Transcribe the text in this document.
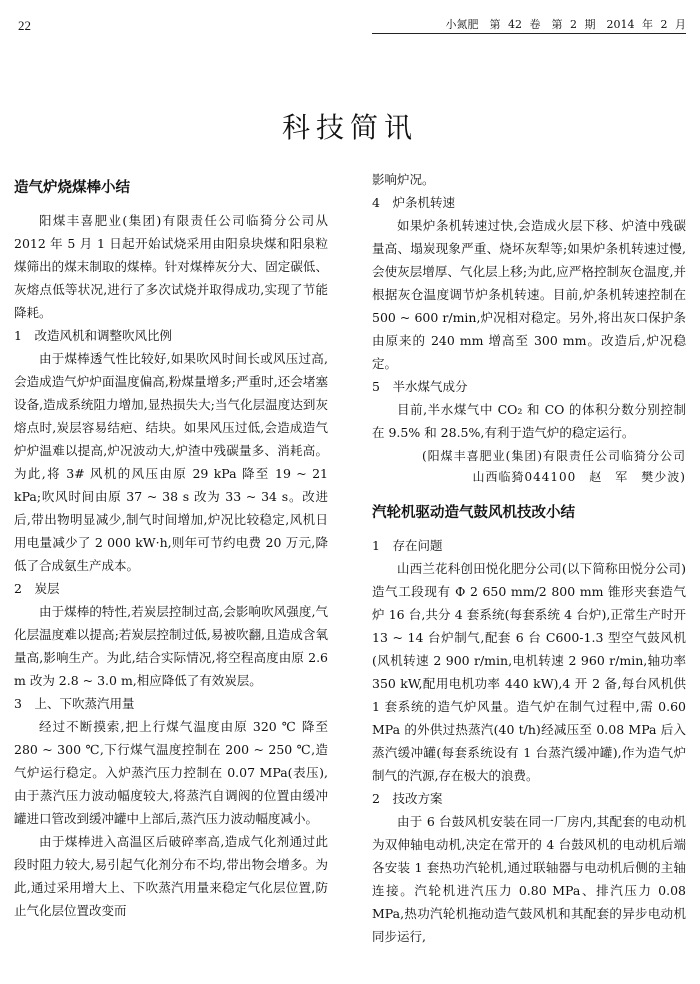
22	小氮肥　第 42 卷　第 2 期　2014 年 2 月
科技简讯
造气炉烧煤棒小结

阳煤丰喜肥业(集团)有限责任公司临猗分公司从 2012 年 5 月 1 日起开始试烧采用由阳泉块煤和阳泉粒煤筛出的煤末制取的煤棒。针对煤棒灰分大、固定碳低、灰熔点低等状况,进行了多次试烧并取得成功,实现了节能降耗。

1　改造风机和调整吹风比例

由于煤棒透气性比较好,如果吹风时间长或风压过高,会造成造气炉炉面温度偏高,粉煤量增多;严重时,还会堵塞设备,造成系统阻力增加,显热损失大;当气化层温度达到灰熔点时,炭层容易结疤、结块。如果风压过低,会造成造气炉炉温难以提高,炉况波动大,炉渣中残碳量多、消耗高。为此,将 3# 风机的风压由原 29 kPa 降至 19 ~ 21 kPa;吹风时间由原 37 ~ 38 s 改为 33 ~ 34 s。改进后,带出物明显减少,制气时间增加,炉况比较稳定,风机日用电量减少了 2 000 kW·h,则年可节约电费 20 万元,降低了合成氨生产成本。

2　炭层

由于煤棒的特性,若炭层控制过高,会影响吹风强度,气化层温度难以提高;若炭层控制过低,易被吹翻,且造成含氧量高,影响生产。为此,结合实际情况,将空程高度由原 2.6 m 改为 2.8 ~ 3.0 m,相应降低了有效炭层。

3　上、下吹蒸汽用量

经过不断摸索,把上行煤气温度由原 320 ℃ 降至 280 ~ 300 ℃,下行煤气温度控制在 200 ~ 250 ℃,造气炉运行稳定。入炉蒸汽压力控制在 0.07 MPa(表压),由于蒸汽压力波动幅度较大,将蒸汽自调阀的位置由缓冲罐进口管改到缓冲罐中上部后,蒸汽压力波动幅度减小。

由于煤棒进入高温区后破碎率高,造成气化剂通过此段时阻力较大,易引起气化剂分布不均,带出物会增多。为此,通过采用增大上、下吹蒸汽用量来稳定气化层位置,防止气化层位置改变而

影响炉况。

4　炉条机转速

如果炉条机转速过快,会造成火层下移、炉渣中残碳量高、塌炭现象严重、烧坏灰犁等;如果炉条机转速过慢,会使灰层增厚、气化层上移;为此,应严格控制灰仓温度,并根据灰仓温度调节炉条机转速。目前,炉条机转速控制在 500 ~ 600 r/min,炉况相对稳定。另外,将出灰口保护条由原来的 240 mm 增高至 300 mm。改造后,炉况稳定。

5　半水煤气成分

目前,半水煤气中 CO₂ 和 CO 的体积分数分别控制在 9.5% 和 28.5%,有利于造气炉的稳定运行。

(阳煤丰喜肥业(集团)有限责任公司临猗分公司
山西临猗044100　赵　军　樊少波)
汽轮机驱动造气鼓风机技改小结

1　存在问题

山西兰花科创田悦化肥分公司(以下简称田悦分公司)造气工段现有 Φ 2 650 mm/2 800 mm 锥形夹套造气炉 16 台,共分 4 套系统(每套系统 4 台炉),正常生产时开 13 ~ 14 台炉制气,配套 6 台 C600-1.3 型空气鼓风机(风机转速 2 900 r/min,电机转速 2 960 r/min,轴功率 350 kW,配用电机功率 440 kW),4 开 2 备,每台风机供 1 套系统的造气炉风量。造气炉在制气过程中,需 0.60 MPa 的外供过热蒸汽(40 t/h)经减压至 0.08 MPa 后入蒸汽缓冲罐(每套系统设有 1 台蒸汽缓冲罐),作为造气炉制气的汽源,存在极大的浪费。

2　技改方案

由于 6 台鼓风机安装在同一厂房内,其配套的电动机为双伸轴电动机,决定在常开的 4 台鼓风机的电动机后端各安装 1 套热功汽轮机,通过联轴器与电动机后侧的主轴连接。汽轮机进汽压力 0.80 MPa、排汽压力 0.08 MPa,热功汽轮机拖动造气鼓风机和其配套的异步电动机同步运行,
